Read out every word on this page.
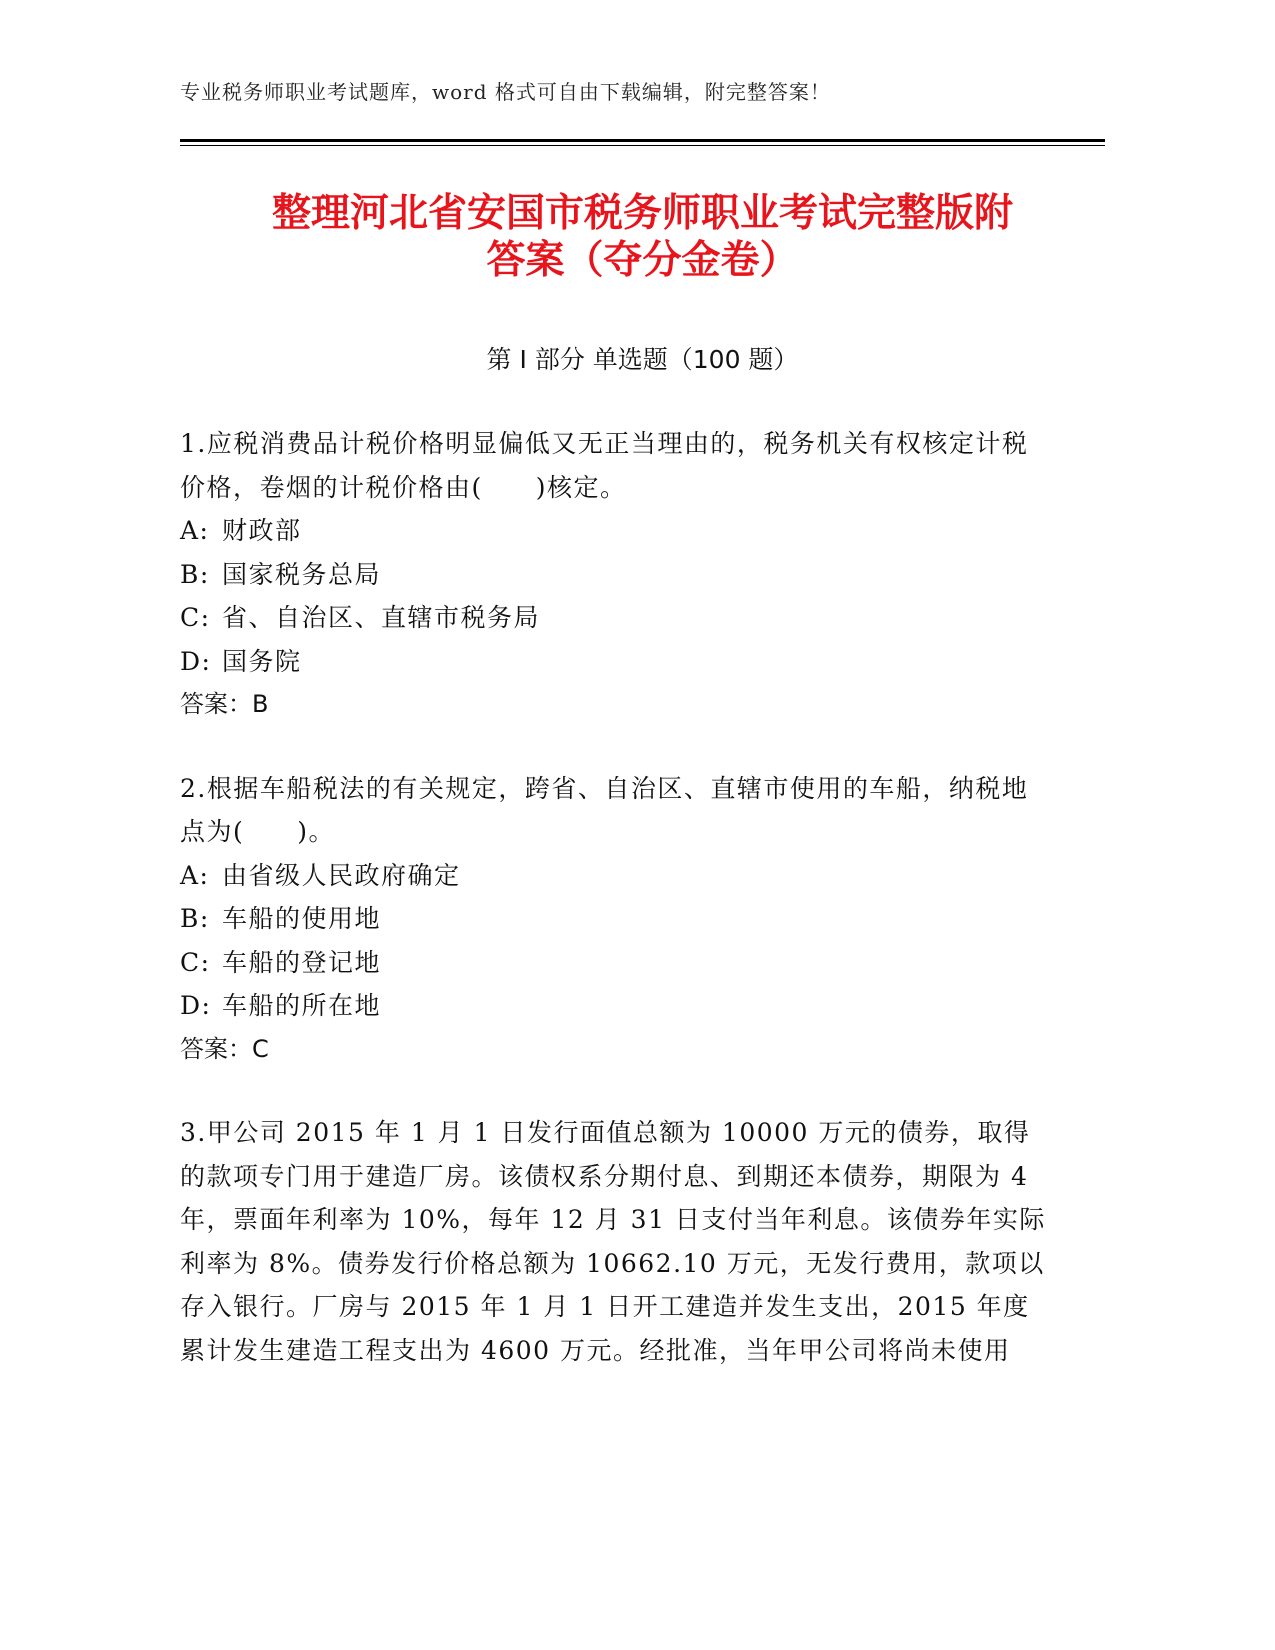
专业税务师职业考试题库，word 格式可自由下载编辑，附完整答案！
整理河北省安国市税务师职业考试完整版附
答案（夺分金卷）
第 I 部分 单选题（100 题）

1.应税消费品计税价格明显偏低又无正当理由的，税务机关有权核定计税价格，卷烟的计税价格由(　　)核定。

A: 财政部

B: 国家税务总局

C: 省、自治区、直辖市税务局

D: 国务院

答案：B

2.根据车船税法的有关规定，跨省、自治区、直辖市使用的车船，纳税地点为(　　)。

A: 由省级人民政府确定

B: 车船的使用地

C: 车船的登记地

D: 车船的所在地

答案：C

3.甲公司 2015 年 1 月 1 日发行面值总额为 10000 万元的债券，取得的款项专门用于建造厂房。该债权系分期付息、到期还本债券，期限为 4 年，票面年利率为 10%，每年 12 月 31 日支付当年利息。该债券年实际利率为 8%。债券发行价格总额为 10662.10 万元，无发行费用，款项以存入银行。厂房与 2015 年 1 月 1 日开工建造并发生支出，2015 年度累计发生建造工程支出为 4600 万元。经批准，当年甲公司将尚未使用
